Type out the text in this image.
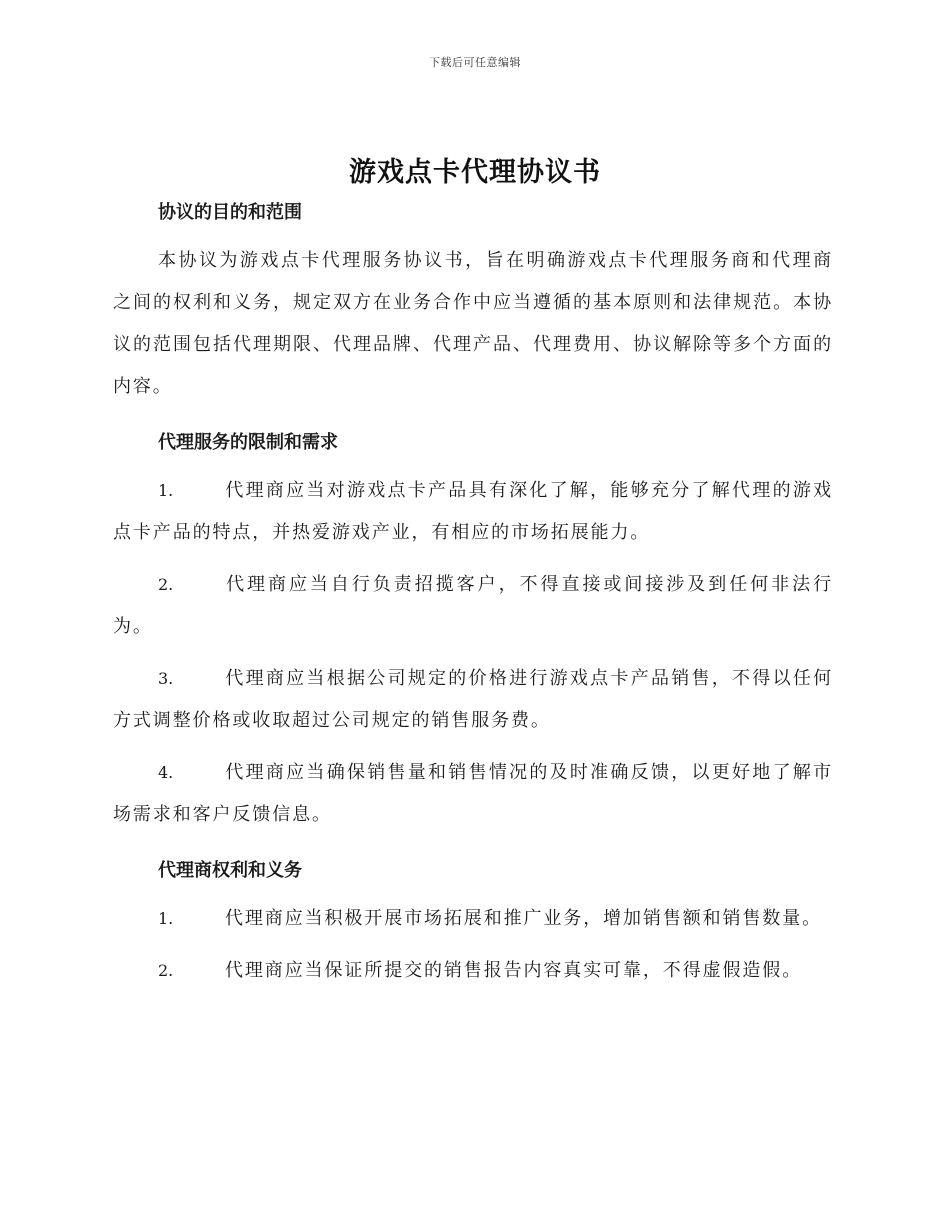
下载后可任意编辑
游戏点卡代理协议书
协议的目的和范围

本协议为游戏点卡代理服务协议书，旨在明确游戏点卡代理服务商和代理商之间的权利和义务，规定双方在业务合作中应当遵循的基本原则和法律规范。本协议的范围包括代理期限、代理品牌、代理产品、代理费用、协议解除等多个方面的内容。

代理服务的限制和需求

1.	代理商应当对游戏点卡产品具有深化了解，能够充分了解代理的游戏点卡产品的特点，并热爱游戏产业，有相应的市场拓展能力。

2.	代理商应当自行负责招揽客户，不得直接或间接涉及到任何非法行为。

3.	代理商应当根据公司规定的价格进行游戏点卡产品销售，不得以任何方式调整价格或收取超过公司规定的销售服务费。

4.	代理商应当确保销售量和销售情况的及时准确反馈，以更好地了解市场需求和客户反馈信息。

代理商权利和义务

1.	代理商应当积极开展市场拓展和推广业务，增加销售额和销售数量。

2.	代理商应当保证所提交的销售报告内容真实可靠，不得虚假造假。
